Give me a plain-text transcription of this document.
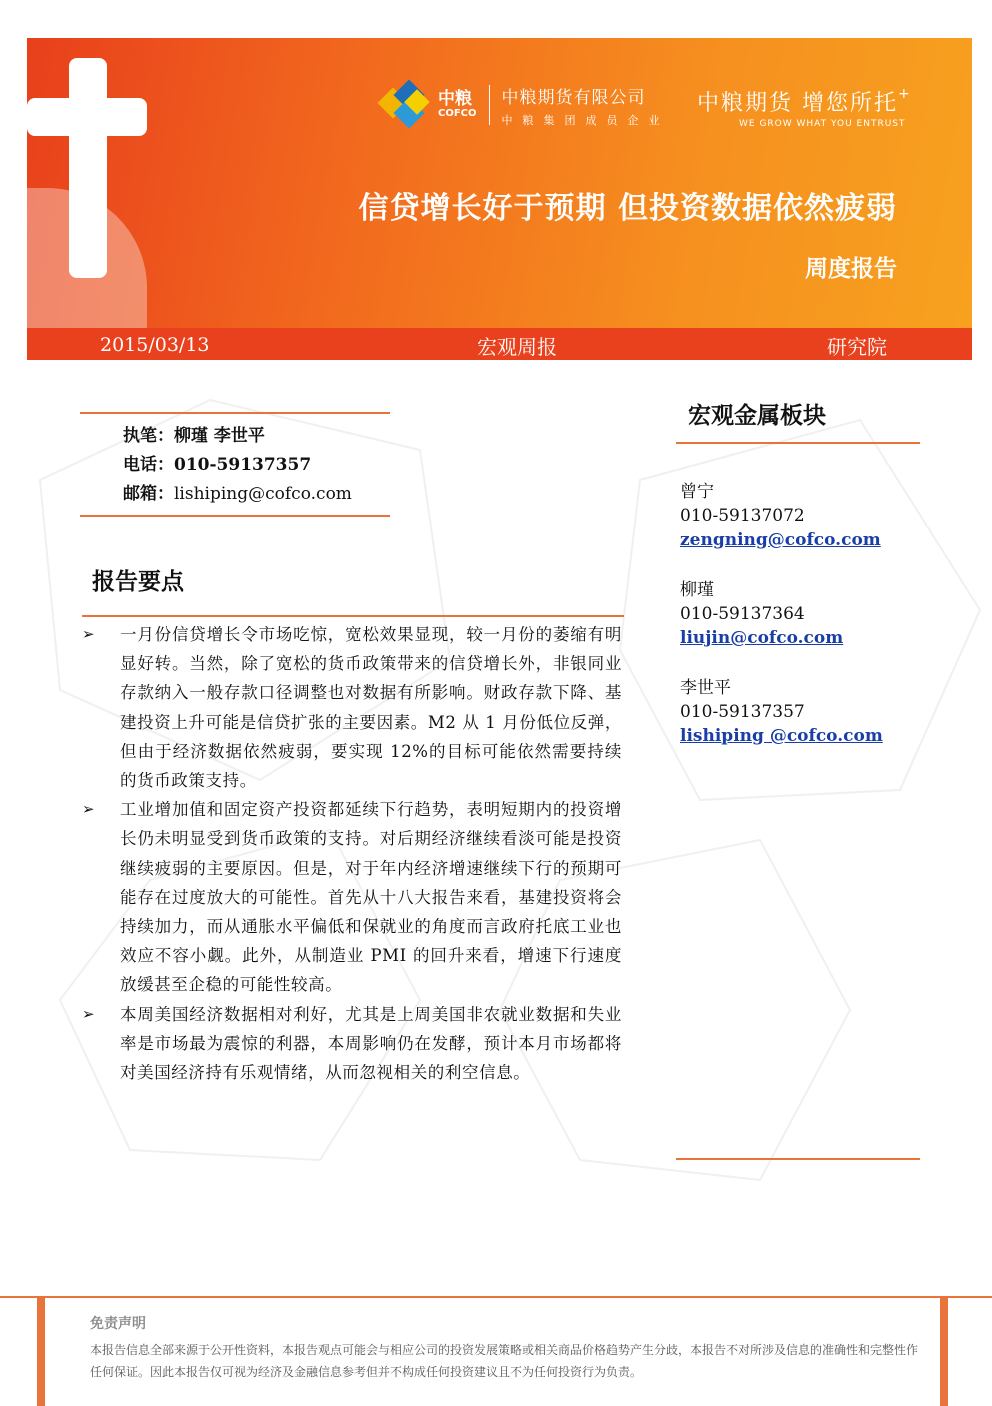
中粮
COFCO
中粮期货有限公司
中粮集团成员企业
中粮期货 增您所托+
WE GROW WHAT YOU ENTRUST
信贷增长好于预期 但投资数据依然疲弱
周度报告
2015/03/13	宏观周报	研究院
执笔：柳瑾 李世平
电话：010-59137357
邮箱：lishiping@cofco.com
报告要点
➢ 一月份信贷增长令市场吃惊，宽松效果显现，较一月份的萎缩有明显好转。当然，除了宽松的货币政策带来的信贷增长外，非银同业存款纳入一般存款口径调整也对数据有所影响。财政存款下降、基建投资上升可能是信贷扩张的主要因素。M2 从 1 月份低位反弹，但由于经济数据依然疲弱，要实现 12%的目标可能依然需要持续的货币政策支持。
➢ 工业增加值和固定资产投资都延续下行趋势，表明短期内的投资增长仍未明显受到货币政策的支持。对后期经济继续看淡可能是投资继续疲弱的主要原因。但是，对于年内经济增速继续下行的预期可能存在过度放大的可能性。首先从十八大报告来看，基建投资将会持续加力，而从通胀水平偏低和保就业的角度而言政府托底工业也效应不容小觑。此外，从制造业 PMI 的回升来看，增速下行速度放缓甚至企稳的可能性较高。
➢ 本周美国经济数据相对利好，尤其是上周美国非农就业数据和失业率是市场最为震惊的利器，本周影响仍在发酵，预计本月市场都将对美国经济持有乐观情绪，从而忽视相关的利空信息。
宏观金属板块
曾宁
010-59137072
zengning@cofco.com
柳瑾
010-59137364
liujin@cofco.com
李世平
010-59137357
lishiping @cofco.com
免责声明
本报告信息全部来源于公开性资料，本报告观点可能会与相应公司的投资发展策略或相关商品价格趋势产生分歧，本报告不对所涉及信息的准确性和完整性作任何保证。因此本报告仅可视为经济及金融信息参考但并不构成任何投资建议且不为任何投资行为负责。
